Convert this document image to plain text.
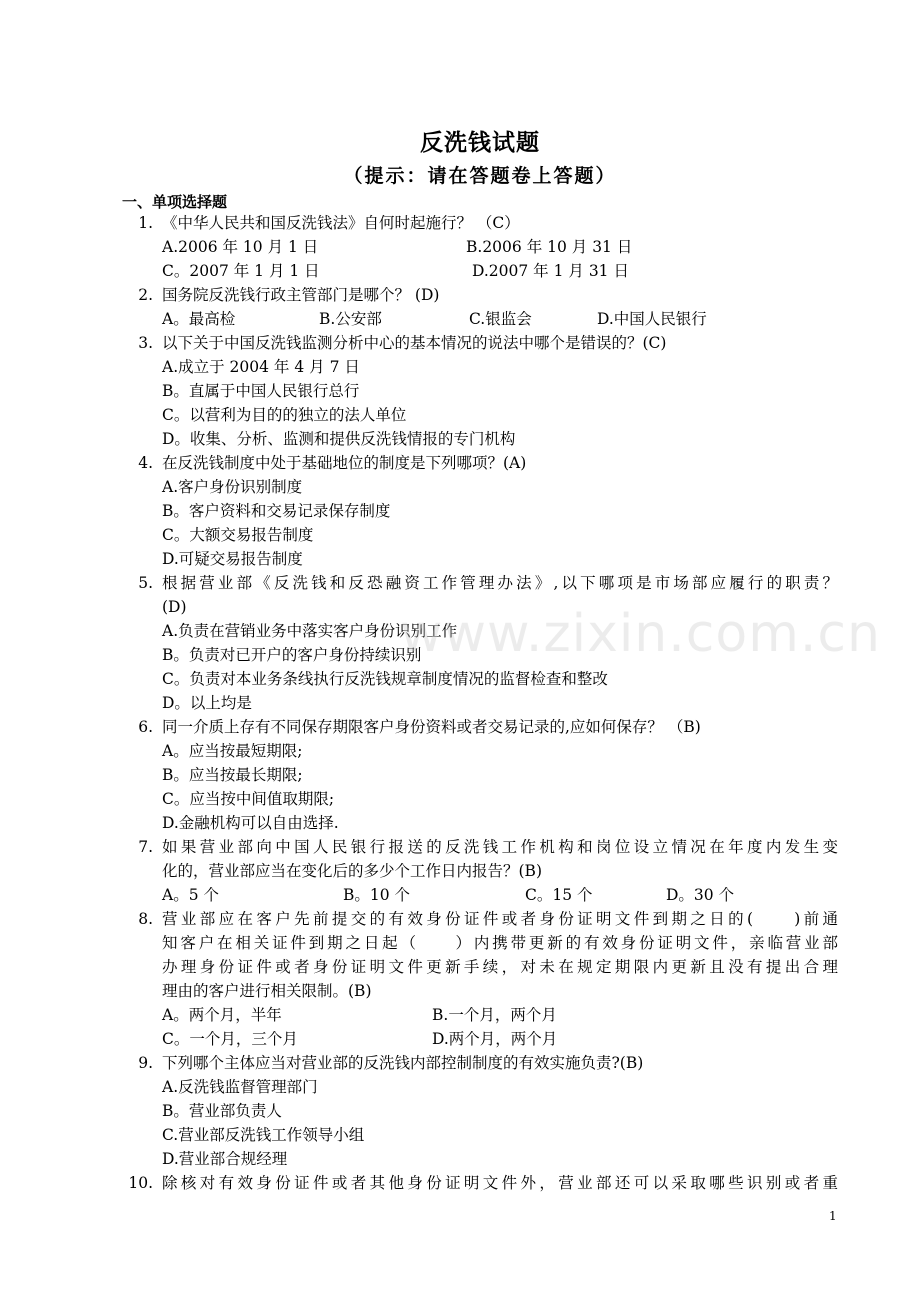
反洗钱试题
（提示：请在答题卷上答题）
一、单项选择题
1. 《中华人民共和国反洗钱法》自何时起施行？ （C）
A.2006 年 10 月 1 日	B.2006 年 10 月 31 日
C。2007 年 1 月 1 日	D.2007 年 1 月 31 日
2. 国务院反洗钱行政主管部门是哪个？ (D)
A。最高检	B.公安部	C.银监会	D.中国人民银行
3. 以下关于中国反洗钱监测分析中心的基本情况的说法中哪个是错误的？(C)
A.成立于 2004 年 4 月 7 日
B。直属于中国人民银行总行
C。以营利为目的的独立的法人单位
D。收集、分析、监测和提供反洗钱情报的专门机构
4. 在反洗钱制度中处于基础地位的制度是下列哪项？(A)
A.客户身份识别制度
B。客户资料和交易记录保存制度
C。大额交易报告制度
D.可疑交易报告制度
5. 根据营业部《反洗钱和反恐融资工作管理办法》,以下哪项是市场部应履行的职责？
(D)
A.负责在营销业务中落实客户身份识别工作
B。负责对已开户的客户身份持续识别
C。负责对本业务条线执行反洗钱规章制度情况的监督检查和整改
D。以上均是
6. 同一介质上存有不同保存期限客户身份资料或者交易记录的,应如何保存？ （B)
A。应当按最短期限;
B。应当按最长期限;
C。应当按中间值取期限;
D.金融机构可以自由选择.
7. 如果营业部向中国人民银行报送的反洗钱工作机构和岗位设立情况在年度内发生变
化的，营业部应当在变化后的多少个工作日内报告？(B)
A。5 个	B。10 个	C。15 个	D。30 个
8. 营业部应在客户先前提交的有效身份证件或者身份证明文件到期之日的(　　)前通
知客户在相关证件到期之日起（　　）内携带更新的有效身份证明文件，亲临营业部
办理身份证件或者身份证明文件更新手续，对未在规定期限内更新且没有提出合理
理由的客户进行相关限制。(B)
A。两个月，半年	B.一个月，两个月
C。一个月，三个月	D.两个月，两个月
9. 下列哪个主体应当对营业部的反洗钱内部控制制度的有效实施负责?(B)
A.反洗钱监督管理部门
B。营业部负责人
C.营业部反洗钱工作领导小组
D.营业部合规经理
10. 除核对有效身份证件或者其他身份证明文件外，营业部还可以采取哪些识别或者重
www.zixin.com.cn
1
